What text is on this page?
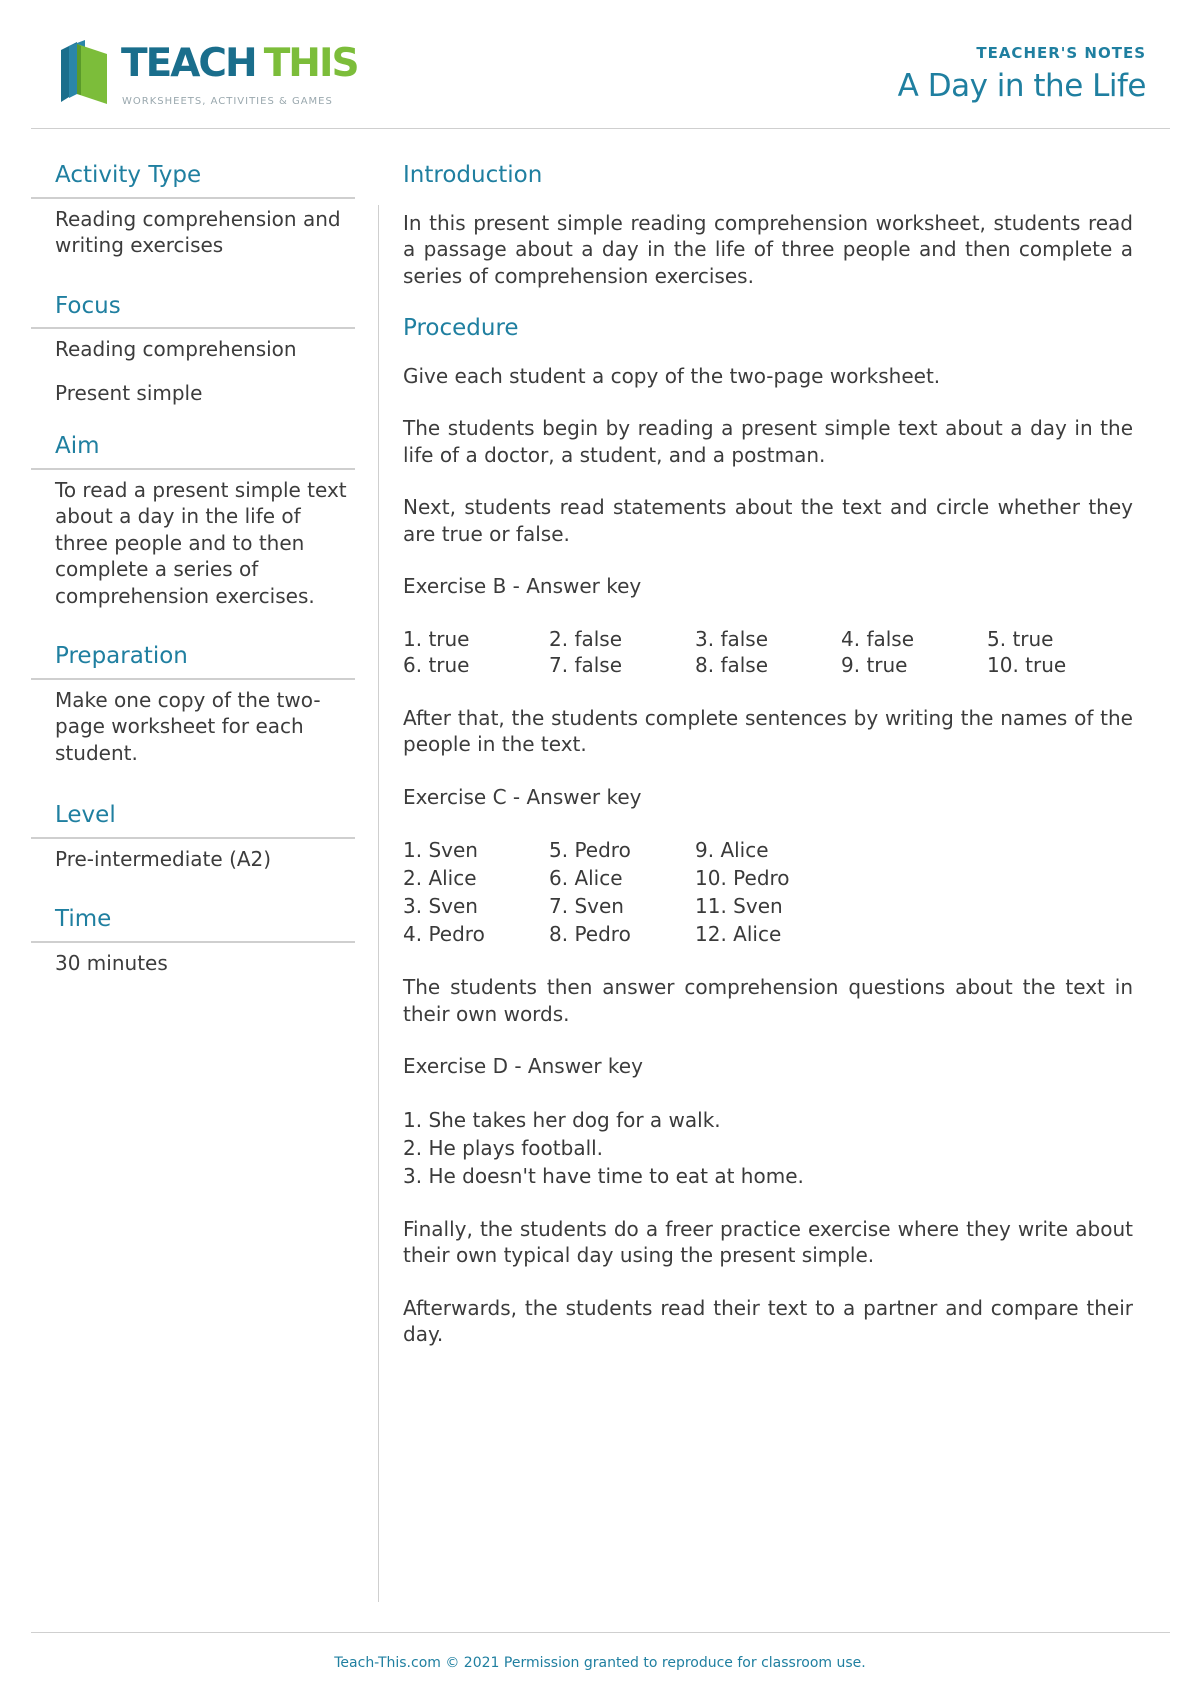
TEACH THIS
WORKSHEETS, ACTIVITIES & GAMES
TEACHER'S NOTES
A Day in the Life
Activity Type

Reading comprehension and writing exercises

Focus

Reading comprehension

Present simple

Aim

To read a present simple text about a day in the life of three people and to then complete a series of comprehension exercises.

Preparation

Make one copy of the two-page worksheet for each student.

Level

Pre-intermediate (A2)

Time

30 minutes

Introduction

In this present simple reading comprehension worksheet, students read a passage about a day in the life of three people and then complete a series of comprehension exercises.

Procedure

Give each student a copy of the two-page worksheet.

The students begin by reading a present simple text about a day in the life of a doctor, a student, and a postman.

Next, students read statements about the text and circle whether they are true or false.

Exercise B - Answer key

1. true	2. false	3. false	4. false	5. true
6. true	7. false	8. false	9. true	10. true

After that, the students complete sentences by writing the names of the people in the text.

Exercise C - Answer key

1. Sven	5. Pedro	9. Alice
2. Alice	6. Alice	10. Pedro
3. Sven	7. Sven	11. Sven
4. Pedro	8. Pedro	12. Alice

The students then answer comprehension questions about the text in their own words.

Exercise D - Answer key

1. She takes her dog for a walk.
2. He plays football.
3. He doesn't have time to eat at home.

Finally, the students do a freer practice exercise where they write about their own typical day using the present simple.

Afterwards, the students read their text to a partner and compare their day.

Teach-This.com © 2021 Permission granted to reproduce for classroom use.
